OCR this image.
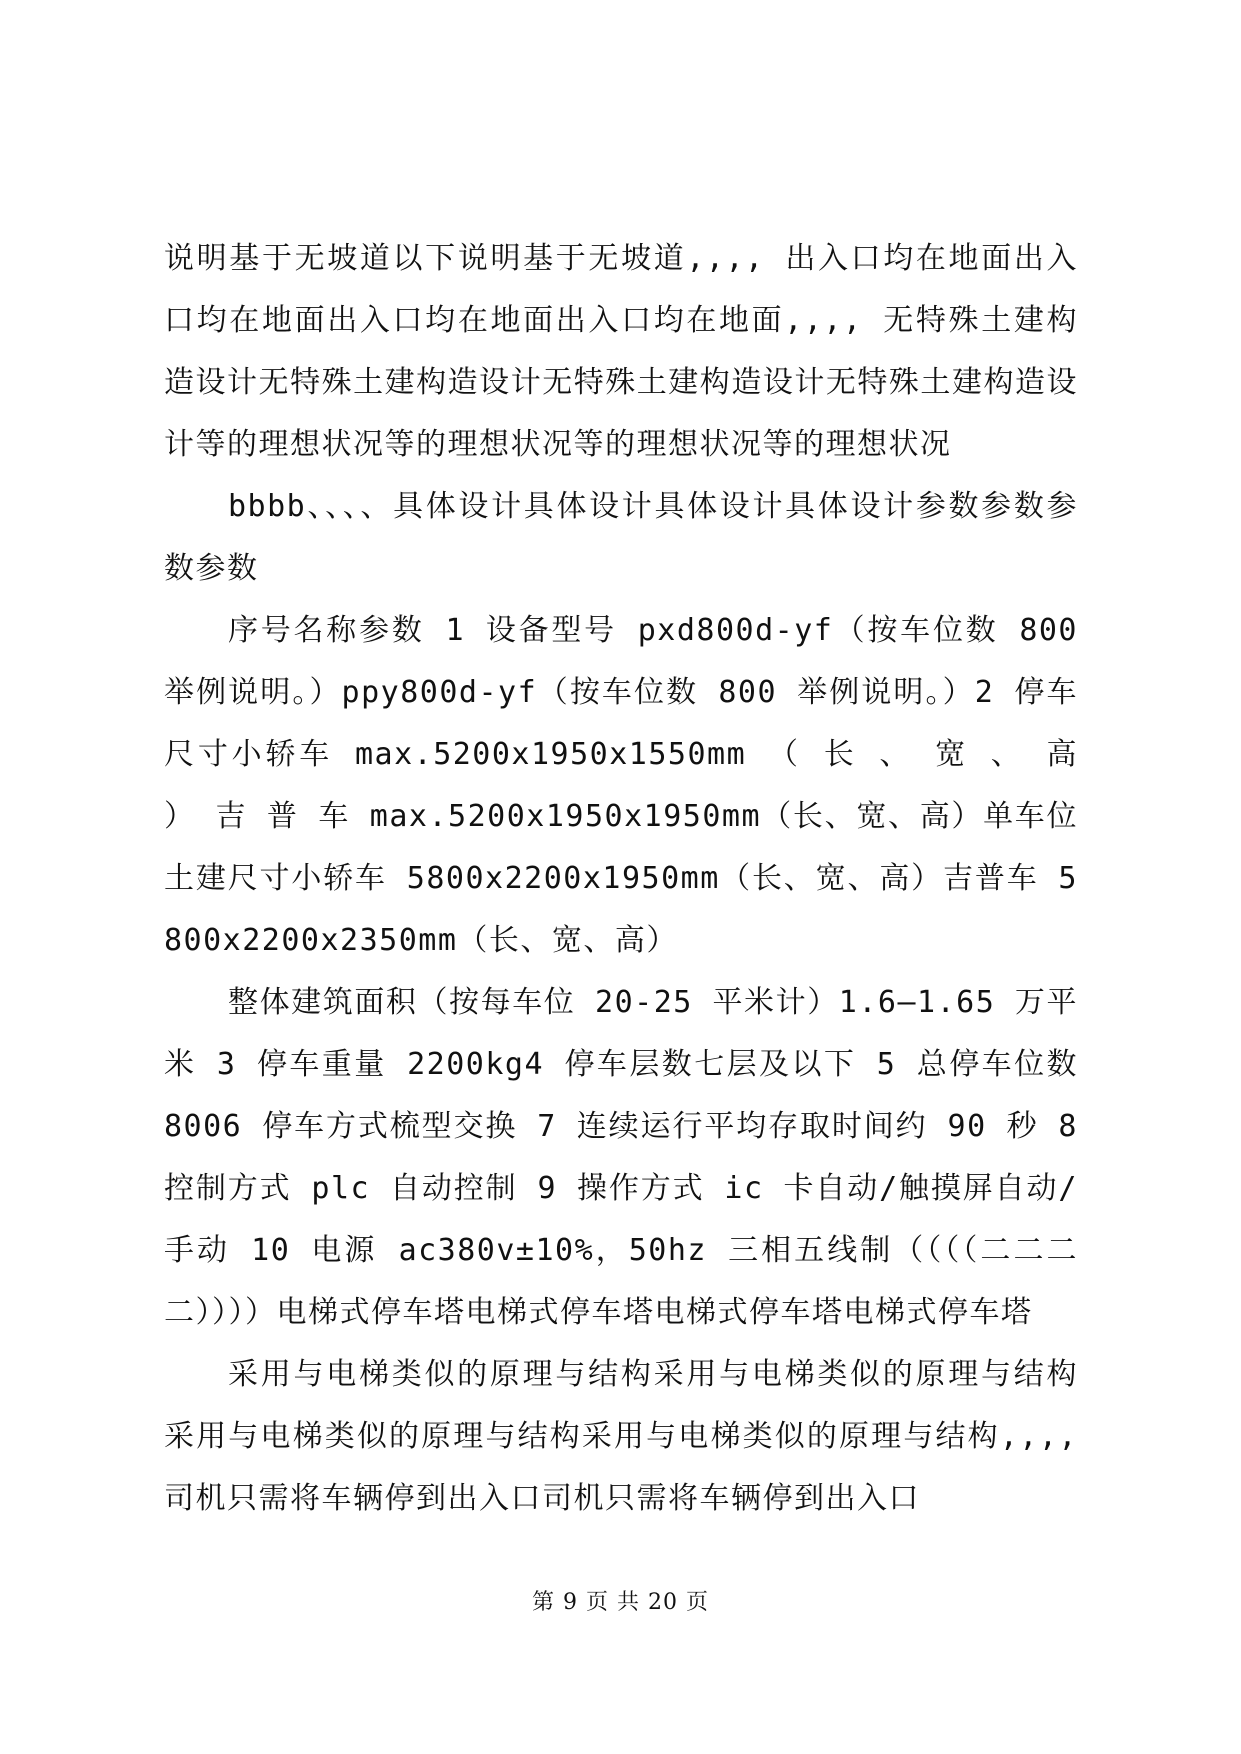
说明基于无坡道以下说明基于无坡道,,,, 出入口均在地面出入口均在地面出入口均在地面出入口均在地面,,,, 无特殊土建构造设计无特殊土建构造设计无特殊土建构造设计无特殊土建构造设计等的理想状况等的理想状况等的理想状况等的理想状况

bbbb、、、、具体设计具体设计具体设计具体设计参数参数参数参数

序号名称参数 1 设备型号 pxd800d-yf（按车位数 800 举例说明。）ppy800d-yf（按车位数 800 举例说明。）2 停车尺寸小轿车 max.5200x1950x1550mm （ 长 、 宽 、 高 ） 吉 普 车 max.5200x1950x1950mm（长、宽、高）单车位土建尺寸小轿车 5800x2200x1950mm（长、宽、高）吉普车 5800x2200x2350mm（长、宽、高）

整体建筑面积（按每车位 20-25 平米计）1.6—1.65 万平米 3 停车重量 2200kg4 停车层数七层及以下 5 总停车位数 8006 停车方式梳型交换 7 连续运行平均存取时间约 90 秒 8 控制方式 plc 自动控制 9 操作方式 ic 卡自动/触摸屏自动/手动 10 电源 ac380v±10%，50hz 三相五线制（（（（二二二二））））电梯式停车塔电梯式停车塔电梯式停车塔电梯式停车塔

采用与电梯类似的原理与结构采用与电梯类似的原理与结构采用与电梯类似的原理与结构采用与电梯类似的原理与结构,,,, 司机只需将车辆停到出入口司机只需将车辆停到出入口

第 9 页 共 20 页
